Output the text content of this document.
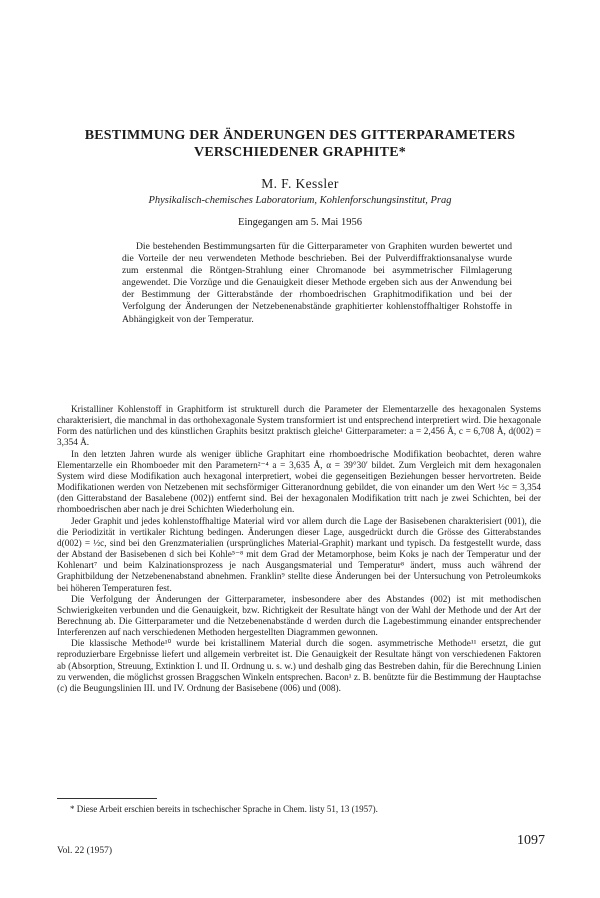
BESTIMMUNG DER ÄNDERUNGEN DES GITTERPARAMETERS
VERSCHIEDENER GRAPHITE*
M. F. Kessler
Physikalisch-chemisches Laboratorium, Kohlenforschungsinstitut, Prag
Eingegangen am 5. Mai 1956

Die bestehenden Bestimmungsarten für die Gitterparameter von Graphiten wurden bewertet und die Vorteile der neu verwendeten Methode beschrieben. Bei der Pulverdiffraktionsanalyse wurde zum erstenmal die Röntgen-Strahlung einer Chromanode bei asymmetrischer Filmlagerung angewendet. Die Vorzüge und die Genauigkeit dieser Methode ergeben sich aus der Anwendung bei der Bestimmung der Gitterabstände der rhomboedrischen Graphitmodifikation und bei der Verfolgung der Änderungen der Netzebenenabstände graphitierter kohlenstoffhaltiger Rohstoffe in Abhängigkeit von der Temperatur.

Kristalliner Kohlenstoff in Graphitform ist strukturell durch die Parameter der Elementarzelle des hexagonalen Systems charakterisiert, die manchmal in das orthohexagonale System transformiert ist und entsprechend interpretiert wird. Die hexagonale Form des natürlichen und des künstlichen Graphits besitzt praktisch gleiche¹ Gitterparameter: a = 2,456 Å, c = 6,708 Å, d(002) = 3,354 Å.

In den letzten Jahren wurde als weniger übliche Graphitart eine rhomboedrische Modifikation beobachtet, deren wahre Elementarzelle ein Rhomboeder mit den Parametern²⁻⁴ a = 3,635 Å, α = 39°30′ bildet. Zum Vergleich mit dem hexagonalen System wird diese Modifikation auch hexagonal interpretiert, wobei die gegenseitigen Beziehungen besser hervortreten. Beide Modifikationen werden von Netzebenen mit sechsförmiger Gitteranordnung gebildet, die von einander um den Wert ½c = 3,354 (den Gitterabstand der Basalebene (002)) entfernt sind. Bei der hexagonalen Modifikation tritt nach je zwei Schichten, bei der rhomboedrischen aber nach je drei Schichten Wiederholung ein.

Jeder Graphit und jedes kohlenstoffhaltige Material wird vor allem durch die Lage der Basisebenen charakterisiert (001), die die Periodizität in vertikaler Richtung bedingen. Änderungen dieser Lage, ausgedrückt durch die Grösse des Gitterabstandes d(002) = ½c, sind bei den Grenzmaterialien (ursprüngliches Material-Graphit) markant und typisch. Da festgestellt wurde, dass der Abstand der Basisebenen d sich bei Kohle⁵⁻⁸ mit dem Grad der Metamorphose, beim Koks je nach der Temperatur und der Kohlenart⁷ und beim Kalzinationsprozess je nach Ausgangsmaterial und Temperatur⁸ ändert, muss auch während der Graphitbildung der Netzebenenabstand abnehmen. Franklin⁹ stellte diese Änderungen bei der Untersuchung von Petroleumkoks bei höheren Temperaturen fest.

Die Verfolgung der Änderungen der Gitterparameter, insbesondere aber des Abstandes (002) ist mit methodischen Schwierigkeiten verbunden und die Genauigkeit, bzw. Richtigkeit der Resultate hängt von der Wahl der Methode und der Art der Berechnung ab. Die Gitterparameter und die Netzebenenabstände d werden durch die Lagebestimmung einander entsprechender Interferenzen auf nach verschiedenen Methoden hergestellten Diagrammen gewonnen.

Die klassische Methode¹⁰ wurde bei kristallinem Material durch die sogen. asymmetrische Methode¹¹ ersetzt, die gut reproduzierbare Ergebnisse liefert und allgemein verbreitet ist. Die Genauigkeit der Resultate hängt von verschiedenen Faktoren ab (Absorption, Streuung, Extinktion I. und II. Ordnung u. s. w.) und deshalb ging das Bestreben dahin, für die Berechnung Linien zu verwenden, die möglichst grossen Braggschen Winkeln entsprechen. Bacon¹ z. B. benützte für die Bestimmung der Hauptachse (c) die Beugungslinien III. und IV. Ordnung der Basisebene (006) und (008).

* Diese Arbeit erschien bereits in tschechischer Sprache in Chem. listy 51, 13 (1957).
Vol. 22 (1957)
1097
